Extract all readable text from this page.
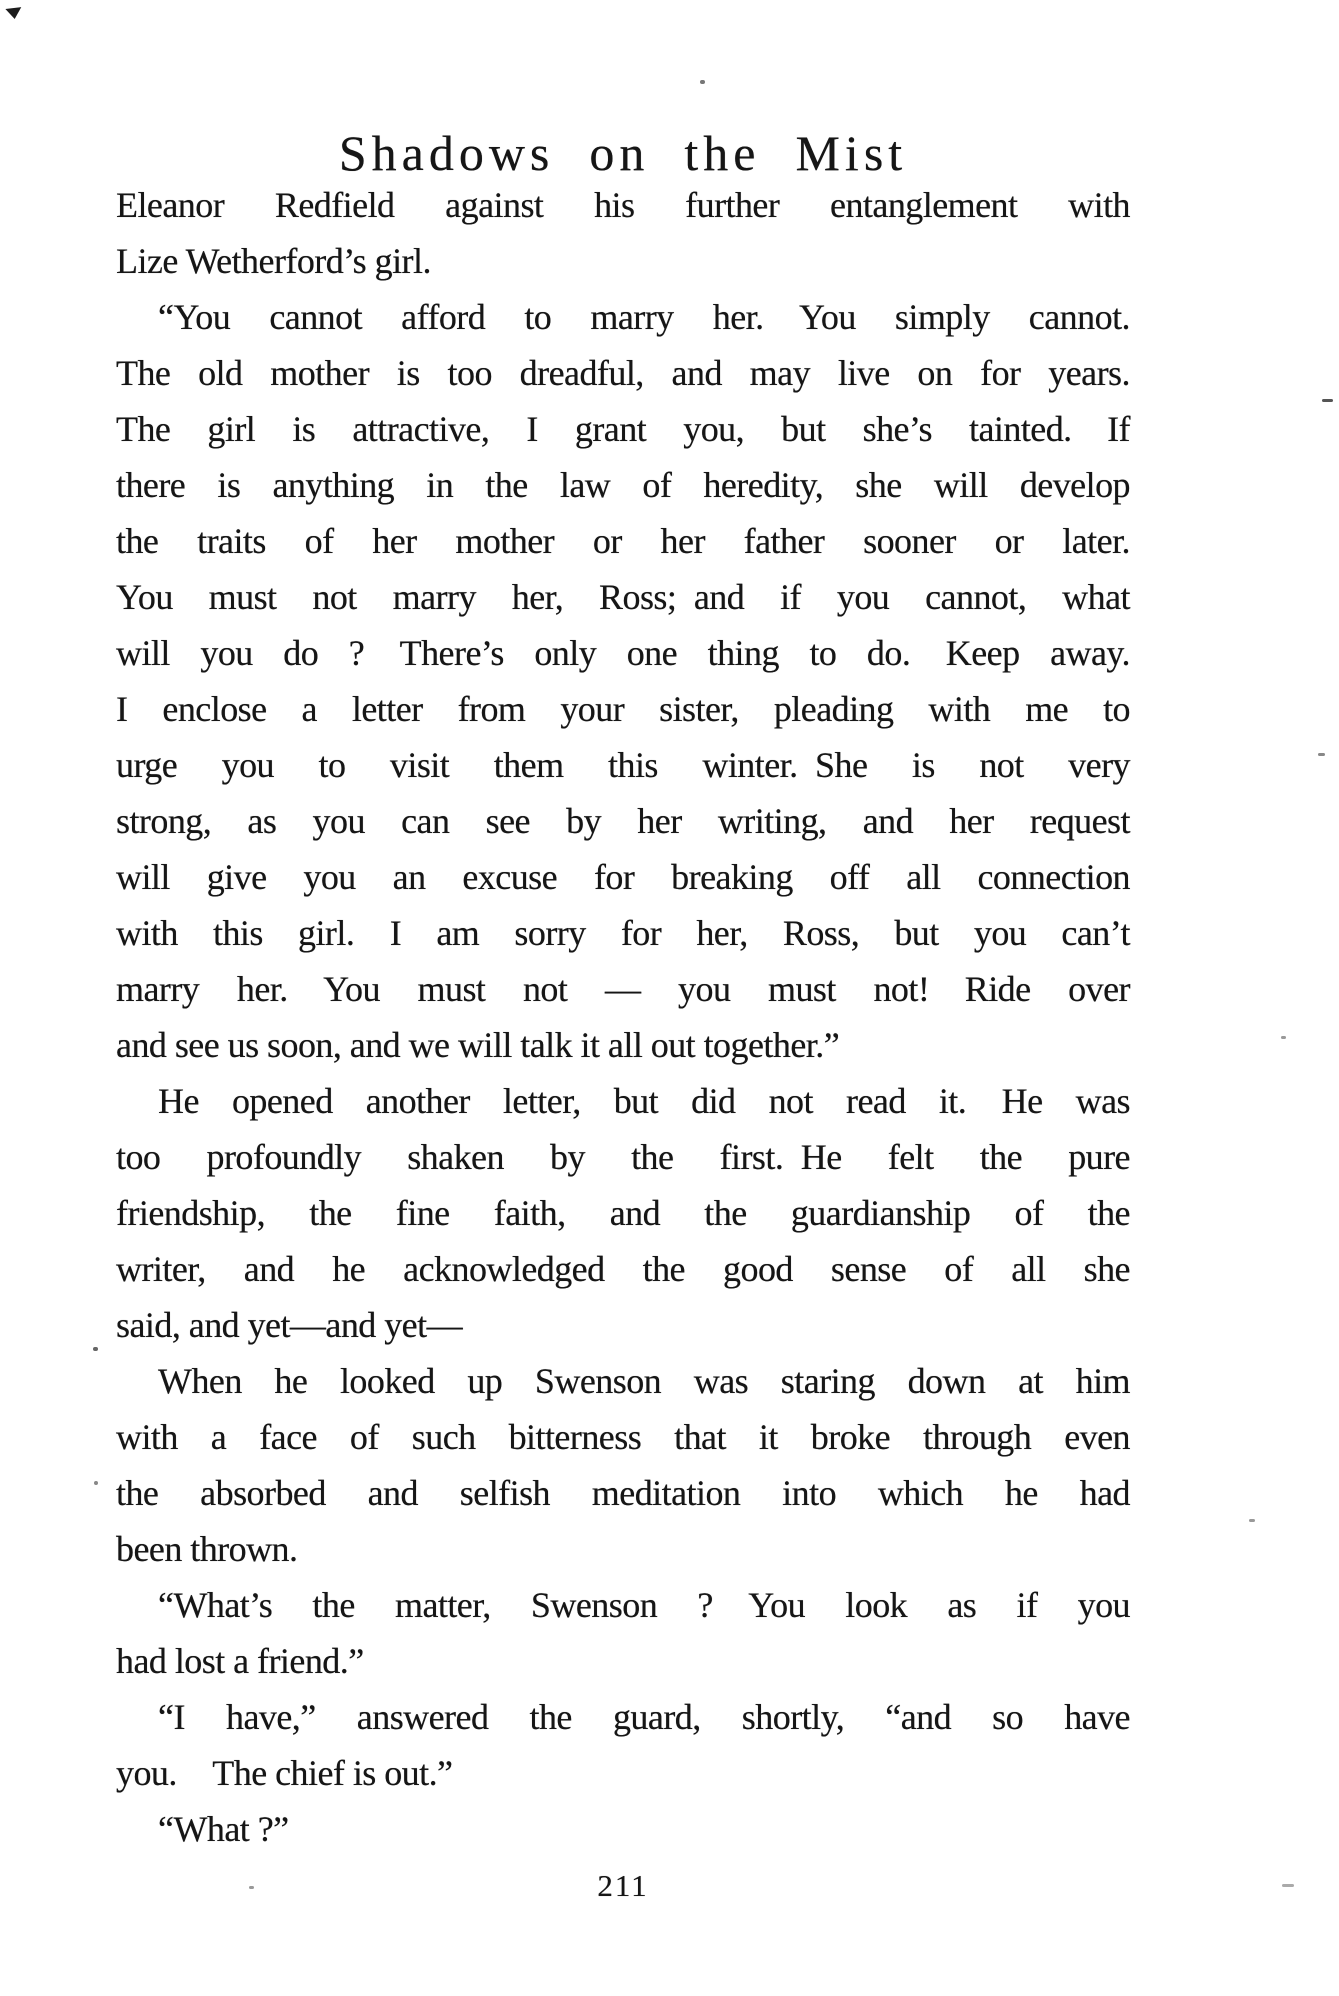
Shadows on the Mist
Eleanor Redfield against his further entanglement with
Lize Wetherford’s girl.
“You cannot afford to marry her. You simply cannot.
The old mother is too dreadful, and may live on for years.
The girl is attractive, I grant you, but she’s tainted. If
there is anything in the law of heredity, she will develop
the traits of her mother or her father sooner or later.
You must not marry her, Ross; and if you cannot, what
will you do ? There’s only one thing to do. Keep away.
I enclose a letter from your sister, pleading with me to
urge you to visit them this winter. She is not very
strong, as you can see by her writing, and her request
will give you an excuse for breaking off all connection
with this girl. I am sorry for her, Ross, but you can’t
marry her. You must not — you must not! Ride over
and see us soon, and we will talk it all out together.”
He opened another letter, but did not read it. He was
too profoundly shaken by the first. He felt the pure
friendship, the fine faith, and the guardianship of the
writer, and he acknowledged the good sense of all she
said, and yet—and yet—
When he looked up Swenson was staring down at him
with a face of such bitterness that it broke through even
the absorbed and selfish meditation into which he had
been thrown.
“What’s the matter, Swenson ? You look as if you
had lost a friend.”
“I have,” answered the guard, shortly, “and so have
you. The chief is out.”
“What ?”
211
